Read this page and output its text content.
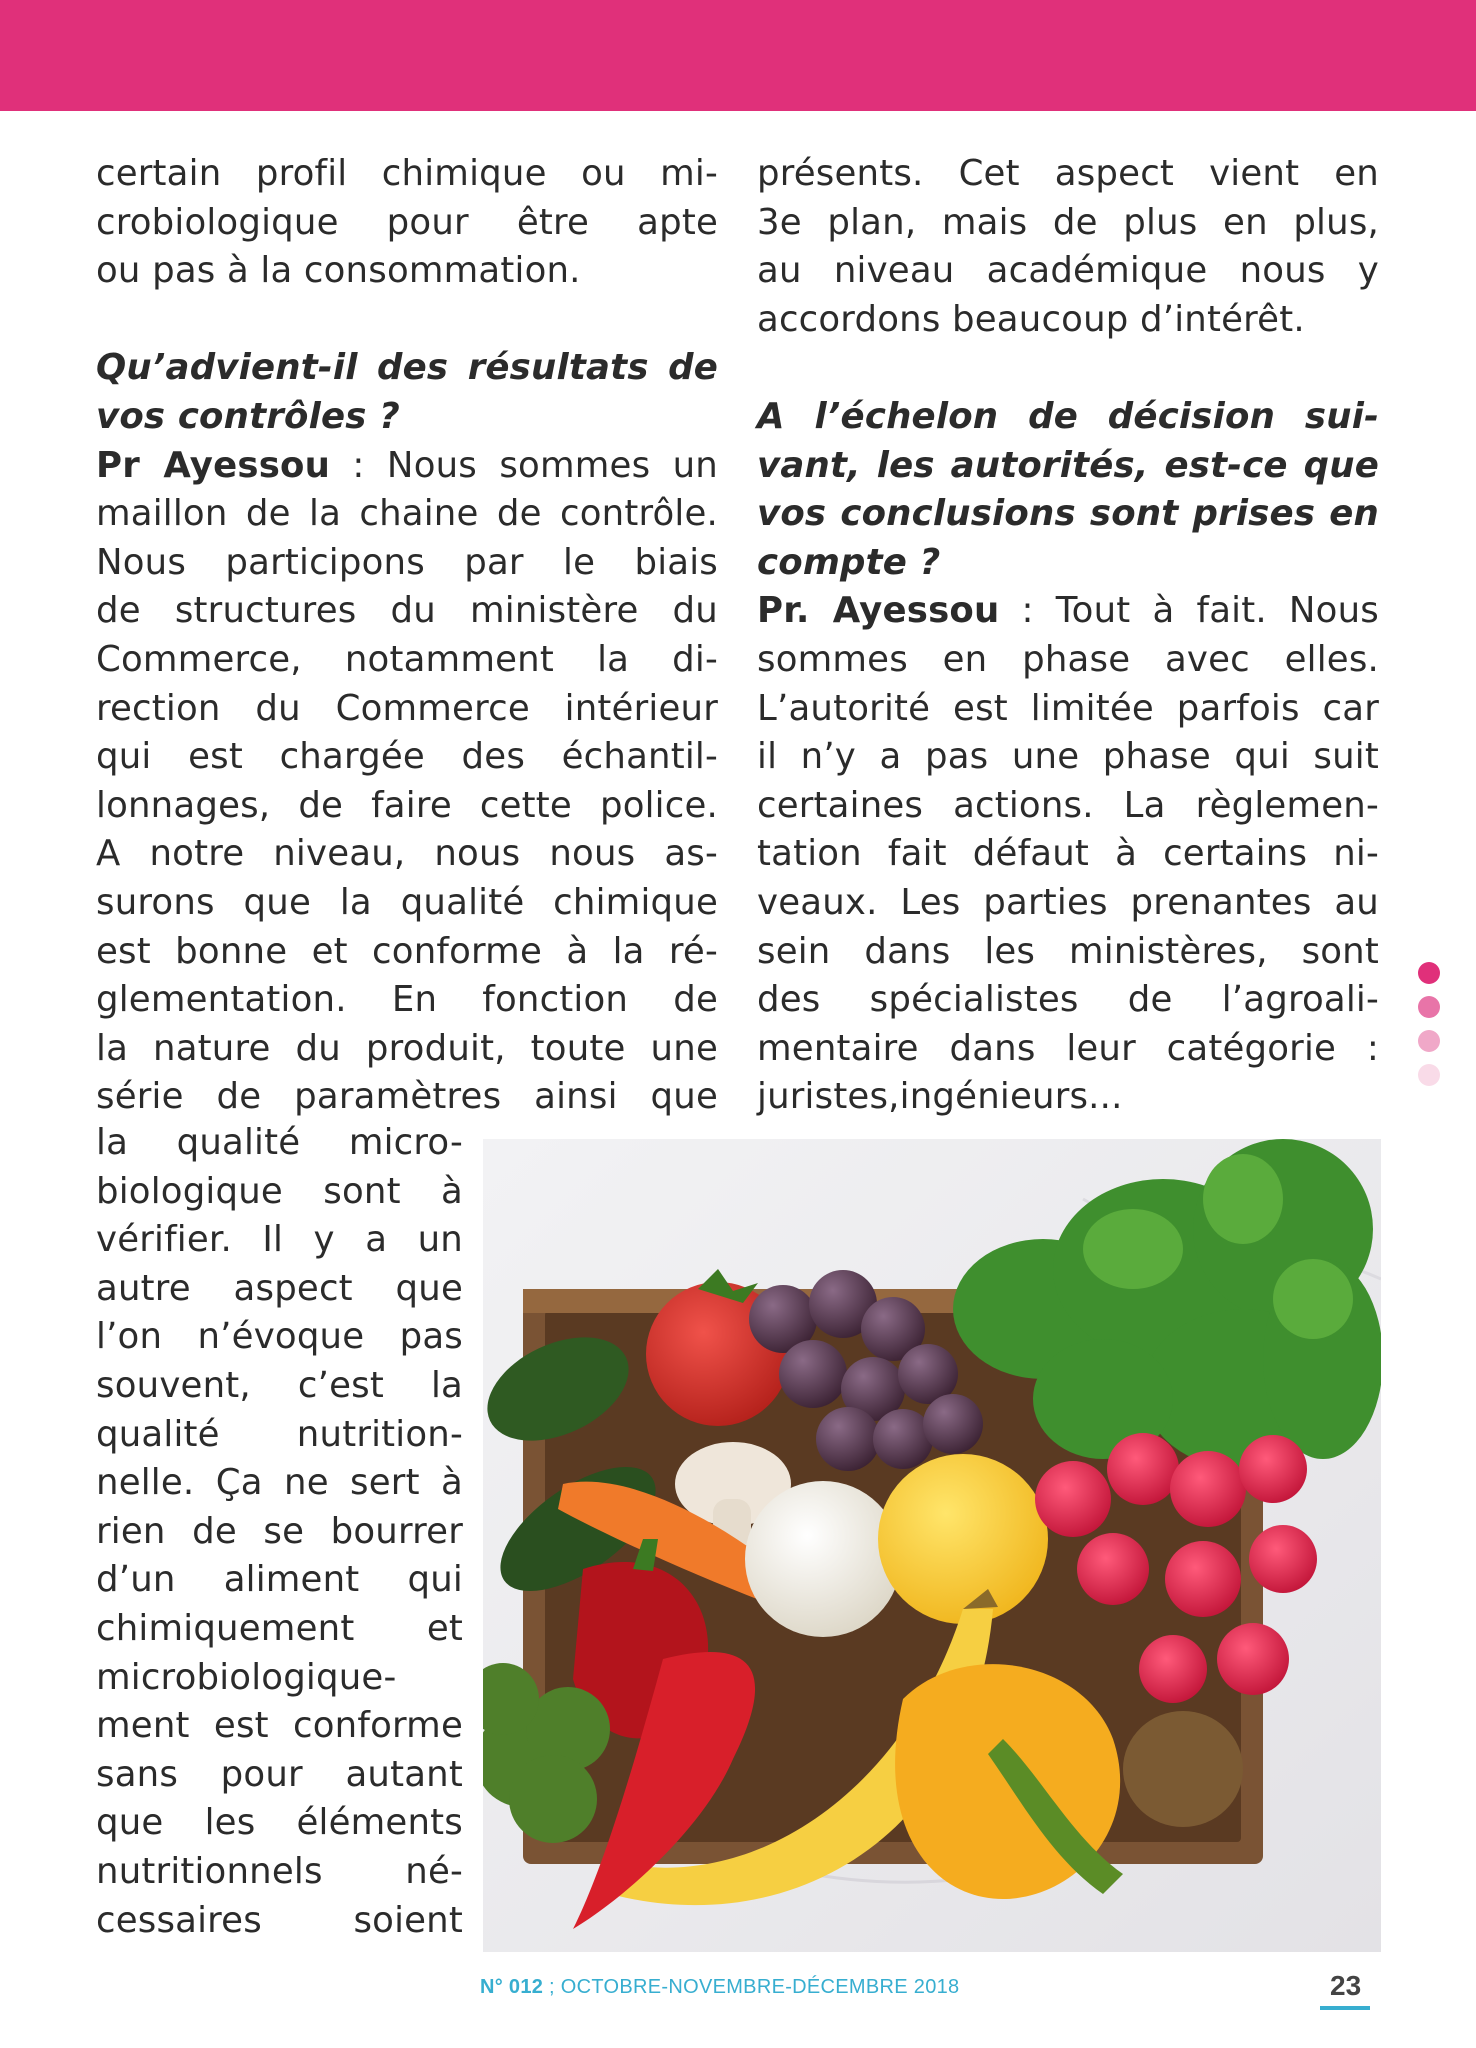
certain profil chimique ou mi-
crobiologique pour être apte
ou pas à la consommation.
Qu’advient-il des résultats de
vos contrôles ?
Pr Ayessou : Nous sommes un
maillon de la chaine de contrôle.
Nous participons par le biais
de structures du ministère du
Commerce, notamment la di-
rection du Commerce intérieur
qui est chargée des échantil-
lonnages, de faire cette police.
A notre niveau, nous nous as-
surons que la qualité chimique
est bonne et conforme à la ré-
glementation. En fonction de
la nature du produit, toute une
série de paramètres ainsi que
la qualité micro-
biologique sont à
vérifier. Il y a un
autre aspect que
l’on n’évoque pas
souvent, c’est la
qualité nutrition-
nelle. Ça ne sert à
rien de se bourrer
d’un aliment qui
chimiquement et
microbiologique-
ment est conforme
sans pour autant
que les éléments
nutritionnels né-
cessaires soient
présents. Cet aspect vient en
3e plan, mais de plus en plus,
au niveau académique nous y
accordons beaucoup d’intérêt.
A l’échelon de décision sui-
vant, les autorités, est-ce que
vos conclusions sont prises en
compte ?
Pr. Ayessou : Tout à fait. Nous
sommes en phase avec elles.
L’autorité est limitée parfois car
il n’y a pas une phase qui suit
certaines actions. La règlemen-
tation fait défaut à certains ni-
veaux. Les parties prenantes au
sein dans les ministères, sont
des spécialistes de l’agroali-
mentaire dans leur catégorie :
juristes,ingénieurs...
N° 012 ; OCTOBRE-NOVEMBRE-DÉCEMBRE 2018	23
